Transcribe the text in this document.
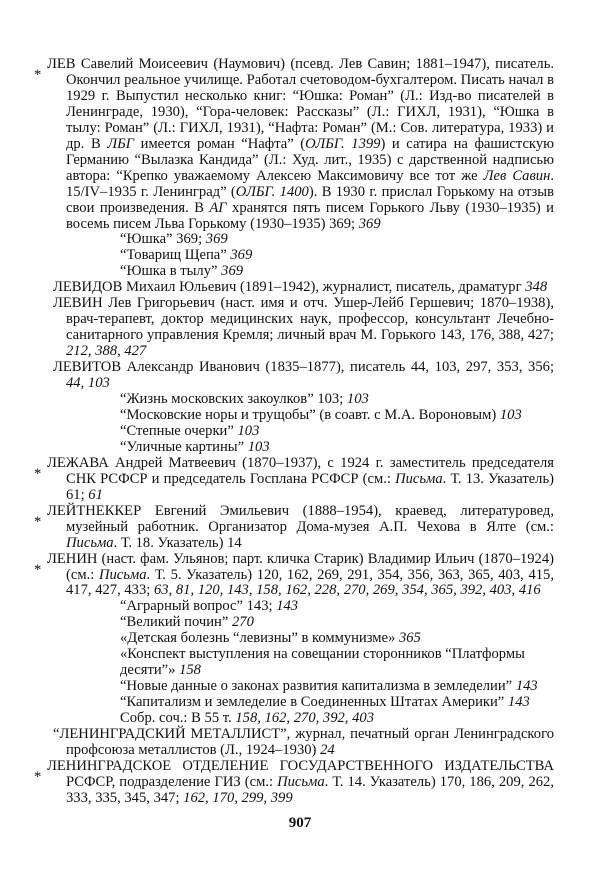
*
ЛЕВ Савелий Моисеевич (Наумович) (псевд. Лев Савин; 1881–1947), писатель. Окончил реальное училище. Работал счетоводом-бухгалтером. Писать начал в 1929 г. Выпустил несколько книг: “Юшка: Роман” (Л.: Изд-во писателей в Ленинграде, 1930), “Гора-человек: Рассказы” (Л.: ГИХЛ, 1931), “Юшка в тылу: Роман” (Л.: ГИХЛ, 1931), “Нафта: Роман” (М.: Сов. литература, 1933) и др. В ЛБГ имеется роман “Нафта” (ОЛБГ. 1399) и сатира на фашистскую Германию “Вылазка Кандида” (Л.: Худ. лит., 1935) с дарственной надписью автора: “Крепко уважаемому Алексею Максимовичу все тот же Лев Савин. 15/IV–1935 г. Ленинград” (ОЛБГ. 1400). В 1930 г. прислал Горькому на отзыв свои произведения. В АГ хранятся пять писем Горького Льву (1930–1935) и восемь писем Льва Горькому (1930–1935) 369; 369

“Юшка” 369; 369

“Товарищ Щепа” 369

“Юшка в тылу” 369

ЛЕВИДОВ Михаил Юльевич (1891–1942), журналист, писатель, драматург 348

ЛЕВИН Лев Григорьевич (наст. имя и отч. Ушер-Лейб Гершевич; 1870–1938), врач-терапевт, доктор медицинских наук, профессор, консультант Лечебно-санитарного управления Кремля; личный врач М. Горького 143, 176, 388, 427; 212, 388, 427

ЛЕВИТОВ Александр Иванович (1835–1877), писатель 44, 103, 297, 353, 356; 44, 103

“Жизнь московских закоулков” 103; 103

“Московские норы и трущобы” (в соавт. с М.А. Вороновым) 103

“Степные очерки” 103

“Уличные картины” 103

*
ЛЕЖАВА Андрей Матвеевич (1870–1937), с 1924 г. заместитель председателя СНК РСФСР и председатель Госплана РСФСР (см.: Письма. Т. 13. Указатель) 61; 61

*
ЛЕЙТНЕККЕР Евгений Эмильевич (1888–1954), краевед, литературовед, музейный работник. Организатор Дома-музея А.П. Чехова в Ялте (см.: Письма. Т. 18. Указатель) 14

*
ЛЕНИН (наст. фам. Ульянов; парт. кличка Старик) Владимир Ильич (1870–1924) (см.: Письма. Т. 5. Указатель) 120, 162, 269, 291, 354, 356, 363, 365, 403, 415, 417, 427, 433; 63, 81, 120, 143, 158, 162, 228, 270, 269, 354, 365, 392, 403, 416

“Аграрный вопрос” 143; 143

“Великий почин” 270

«Детская болезнь “левизны” в коммунизме» 365

«Конспект выступления на совещании сторонников “Платформы десяти”» 158

“Новые данные о законах развития капитализма в земледелии” 143

“Капитализм и земледелие в Соединенных Штатах Америки” 143

Собр. соч.: В 55 т. 158, 162, 270, 392, 403

“ЛЕНИНГРАДСКИЙ МЕТАЛЛИСТ”, журнал, печатный орган Ленинградского профсоюза металлистов (Л., 1924–1930) 24

*
ЛЕНИНГРАДСКОЕ ОТДЕЛЕНИЕ ГОСУДАРСТВЕННОГО ИЗДАТЕЛЬСТВА РСФСР, подразделение ГИЗ (см.: Письма. Т. 14. Указатель) 170, 186, 209, 262, 333, 335, 345, 347; 162, 170, 299, 399

907
